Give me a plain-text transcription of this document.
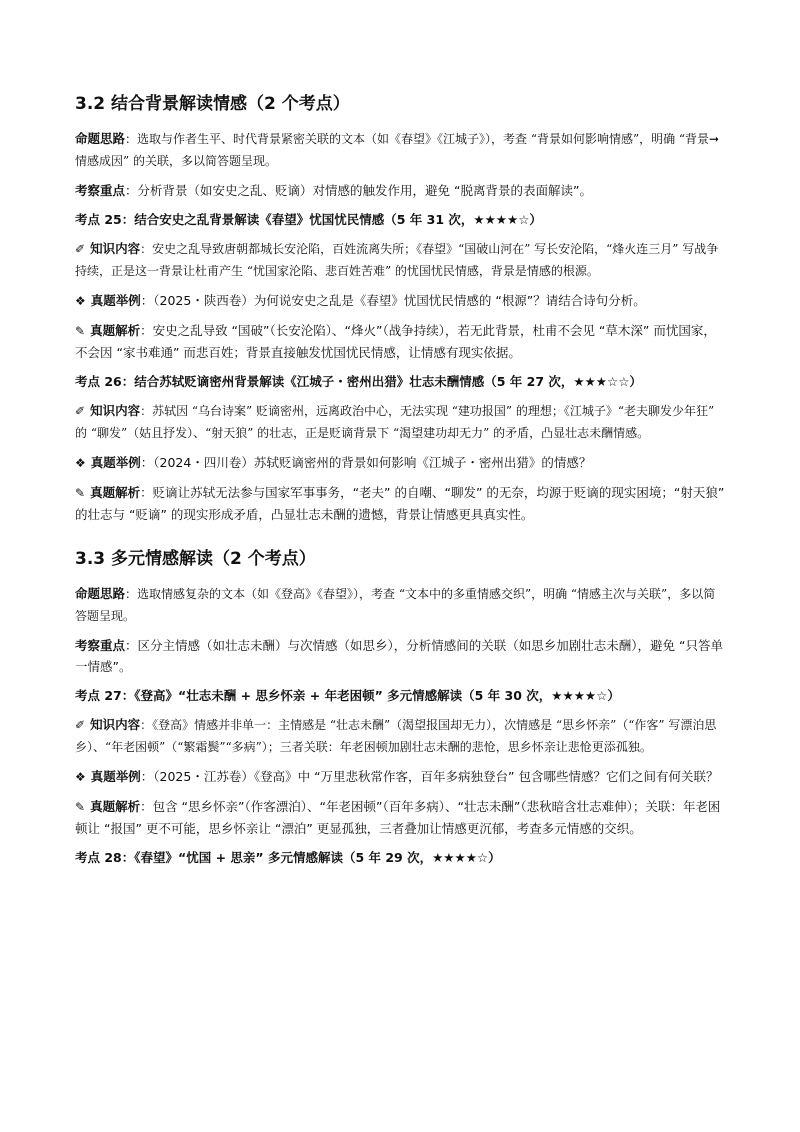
3.2 结合背景解读情感（2 个考点）

命题思路：选取与作者生平、时代背景紧密关联的文本（如《春望》《江城子》），考查 “背景如何影响情感”，明确 “背景➞情感成因” 的关联，多以简答题呈现。

考察重点：分析背景（如安史之乱、贬谪）对情感的触发作用，避免 “脱离背景的表面解读”。

考点 25：结合安史之乱背景解读《春望》忧国忧民情感（5 年 31 次，★★★★☆）

✐ 知识内容：安史之乱导致唐朝都城长安沦陷，百姓流离失所；《春望》“国破山河在” 写长安沦陷，“烽火连三月” 写战争持续，正是这一背景让杜甫产生 “忧国家沦陷、悲百姓苦难” 的忧国忧民情感，背景是情感的根源。

❖ 真题举例：（2025・陕西卷）为何说安史之乱是《春望》忧国忧民情感的 “根源”？请结合诗句分析。

✎ 真题解析：安史之乱导致 “国破”（长安沦陷）、“烽火”（战争持续），若无此背景，杜甫不会见 “草木深” 而忧国家，不会因 “家书难通” 而悲百姓；背景直接触发忧国忧民情感，让情感有现实依据。

考点 26：结合苏轼贬谪密州背景解读《江城子・密州出猎》壮志未酬情感（5 年 27 次，★★★☆☆）

✐ 知识内容：苏轼因 “乌台诗案” 贬谪密州，远离政治中心，无法实现 “建功报国” 的理想；《江城子》“老夫聊发少年狂” 的 “聊发”（姑且抒发）、“射天狼” 的壮志，正是贬谪背景下 “渴望建功却无力” 的矛盾，凸显壮志未酬情感。

❖ 真题举例：（2024・四川卷）苏轼贬谪密州的背景如何影响《江城子・密州出猎》的情感？

✎ 真题解析：贬谪让苏轼无法参与国家军事事务，“老夫” 的自嘲、“聊发” 的无奈，均源于贬谪的现实困境；“射天狼” 的壮志与 “贬谪” 的现实形成矛盾，凸显壮志未酬的遗憾，背景让情感更具真实性。

3.3 多元情感解读（2 个考点）

命题思路：选取情感复杂的文本（如《登高》《春望》），考查 “文本中的多重情感交织”，明确 “情感主次与关联”，多以简答题呈现。

考察重点：区分主情感（如壮志未酬）与次情感（如思乡），分析情感间的关联（如思乡加剧壮志未酬），避免 “只答单一情感”。

考点 27：《登高》“壮志未酬 + 思乡怀亲 + 年老困顿” 多元情感解读（5 年 30 次，★★★★☆）

✐ 知识内容：《登高》情感并非单一：主情感是 “壮志未酬”（渴望报国却无力），次情感是 “思乡怀亲”（“作客” 写漂泊思乡）、“年老困顿”（“繁霜鬓”“多病”）；三者关联：年老困顿加剧壮志未酬的悲怆，思乡怀亲让悲怆更添孤独。

❖ 真题举例：（2025・江苏卷）《登高》中 “万里悲秋常作客，百年多病独登台” 包含哪些情感？它们之间有何关联？

✎ 真题解析：包含 “思乡怀亲”（作客漂泊）、“年老困顿”（百年多病）、“壮志未酬”（悲秋暗含壮志难伸）；关联：年老困顿让 “报国” 更不可能，思乡怀亲让 “漂泊” 更显孤独，三者叠加让情感更沉郁，考查多元情感的交织。

考点 28：《春望》“忧国 + 思亲” 多元情感解读（5 年 29 次，★★★★☆）
